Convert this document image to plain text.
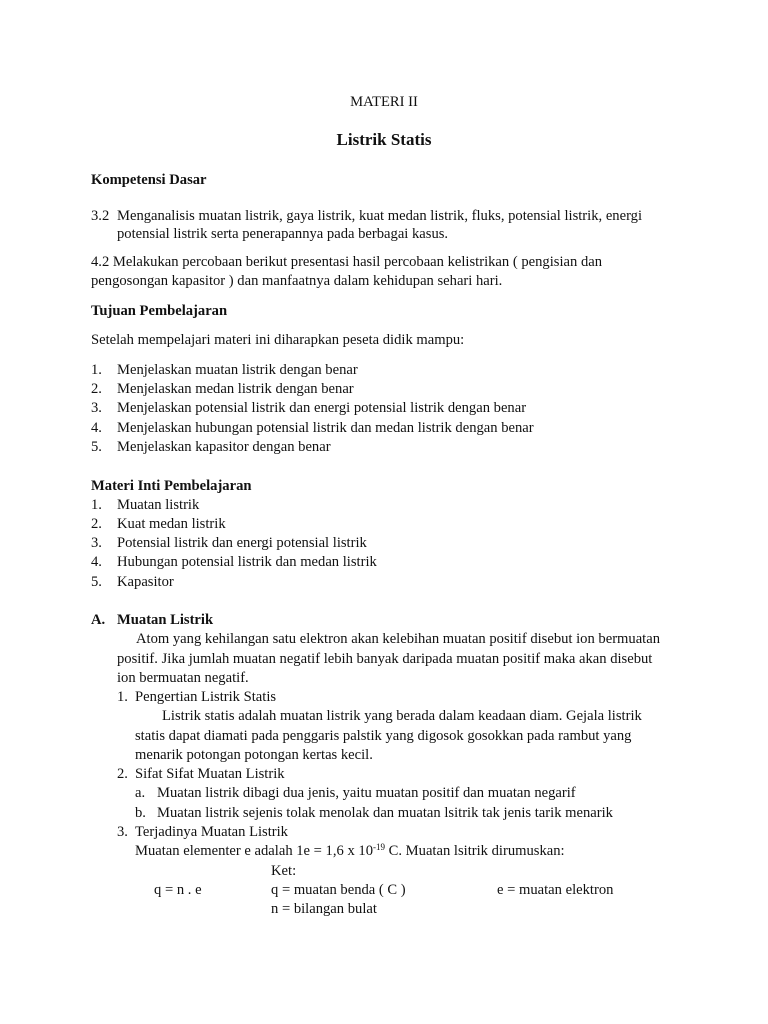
MATERI II
Listrik Statis
Kompetensi Dasar
3.2 Menganalisis muatan listrik, gaya listrik, kuat medan listrik, fluks, potensial listrik, energi
potensial listrik serta penerapannya pada berbagai kasus.
4.2 Melakukan percobaan berikut presentasi hasil percobaan kelistrikan ( pengisian dan
pengosongan kapasitor ) dan manfaatnya dalam kehidupan sehari hari.
Tujuan Pembelajaran
Setelah mempelajari materi ini diharapkan peseta didik mampu:
1. Menjelaskan muatan listrik dengan benar
2. Menjelaskan medan listrik dengan benar
3. Menjelaskan potensial listrik dan energi potensial listrik dengan benar
4. Menjelaskan hubungan potensial listrik dan medan listrik dengan benar
5. Menjelaskan kapasitor dengan benar
Materi Inti Pembelajaran
1. Muatan listrik
2. Kuat medan listrik
3. Potensial listrik dan energi potensial listrik
4. Hubungan potensial listrik dan medan listrik
5. Kapasitor
A. Muatan Listrik
Atom yang kehilangan satu elektron akan kelebihan muatan positif disebut ion bermuatan
positif. Jika jumlah muatan negatif lebih banyak daripada muatan positif maka akan disebut
ion bermuatan negatif.
1. Pengertian Listrik Statis
Listrik statis adalah muatan listrik yang berada dalam keadaan diam. Gejala listrik
statis dapat diamati pada penggaris palstik yang digosok gosokkan pada rambut yang
menarik potongan potongan kertas kecil.
2. Sifat Sifat Muatan Listrik
a. Muatan listrik dibagi dua jenis, yaitu muatan positif dan muatan negarif
b. Muatan listrik sejenis tolak menolak dan muatan lsitrik tak jenis tarik menarik
3. Terjadinya Muatan Listrik
Muatan elementer e adalah 1e = 1,6 x $10^{-19}$ C. Muatan lsitrik dirumuskan:
Ket:
q = n . e	q = muatan benda ( C )	e = muatan elektron
n = bilangan bulat
